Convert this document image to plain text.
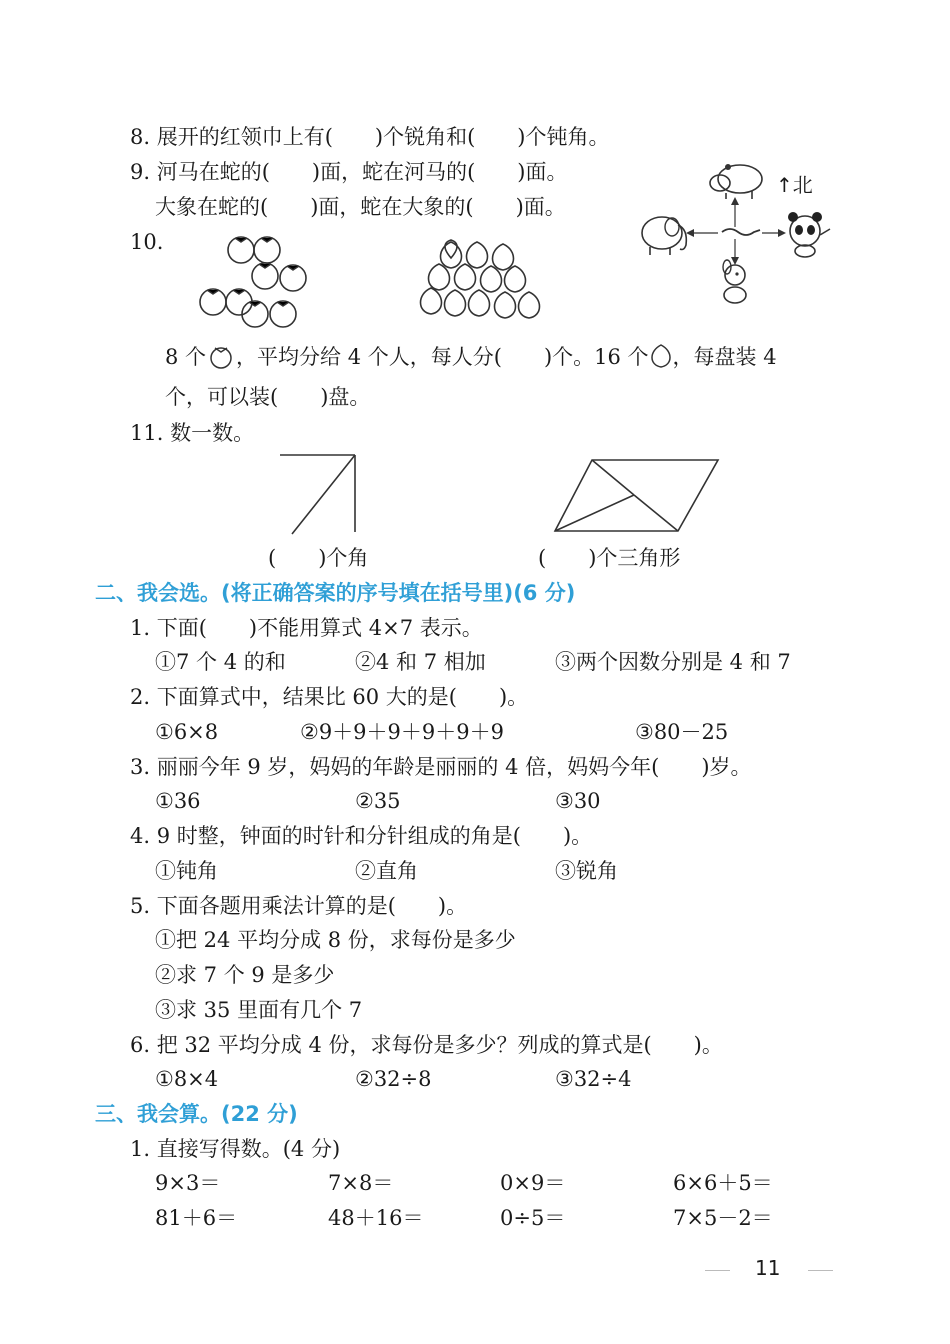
8. 展开的红领巾上有(　　)个锐角和(　　)个钝角。
9. 河马在蛇的(　　)面，蛇在河马的(　　)面。
大象在蛇的(　　)面，蛇在大象的(　　)面。
↑北
10.
8 个 ，平均分给 4 个人，每人分(　　)个。16 个 ，每盘装 4
个，可以装(　　)盘。
11. 数一数。
(　　)个角	(　　)个三角形
二、我会选。(将正确答案的序号填在括号里)(6 分)
1. 下面(　　)不能用算式 4×7 表示。
①7 个 4 的和	②4 和 7 相加	③两个因数分别是 4 和 7
2. 下面算式中，结果比 60 大的是(　　)。
①6×8	②9＋9＋9＋9＋9＋9	③80－25
3. 丽丽今年 9 岁，妈妈的年龄是丽丽的 4 倍，妈妈今年(　　)岁。
①36	②35	③30
4. 9 时整，钟面的时针和分针组成的角是(　　)。
①钝角	②直角	③锐角
5. 下面各题用乘法计算的是(　　)。
①把 24 平均分成 8 份，求每份是多少
②求 7 个 9 是多少
③求 35 里面有几个 7
6. 把 32 平均分成 4 份，求每份是多少？列成的算式是(　　)。
①8×4	②32÷8	③32÷4
三、我会算。(22 分)
1. 直接写得数。(4 分)
9×3＝	7×8＝	0×9＝	6×6＋5＝
81＋6＝	48＋16＝	0÷5＝	7×5－2＝
11
